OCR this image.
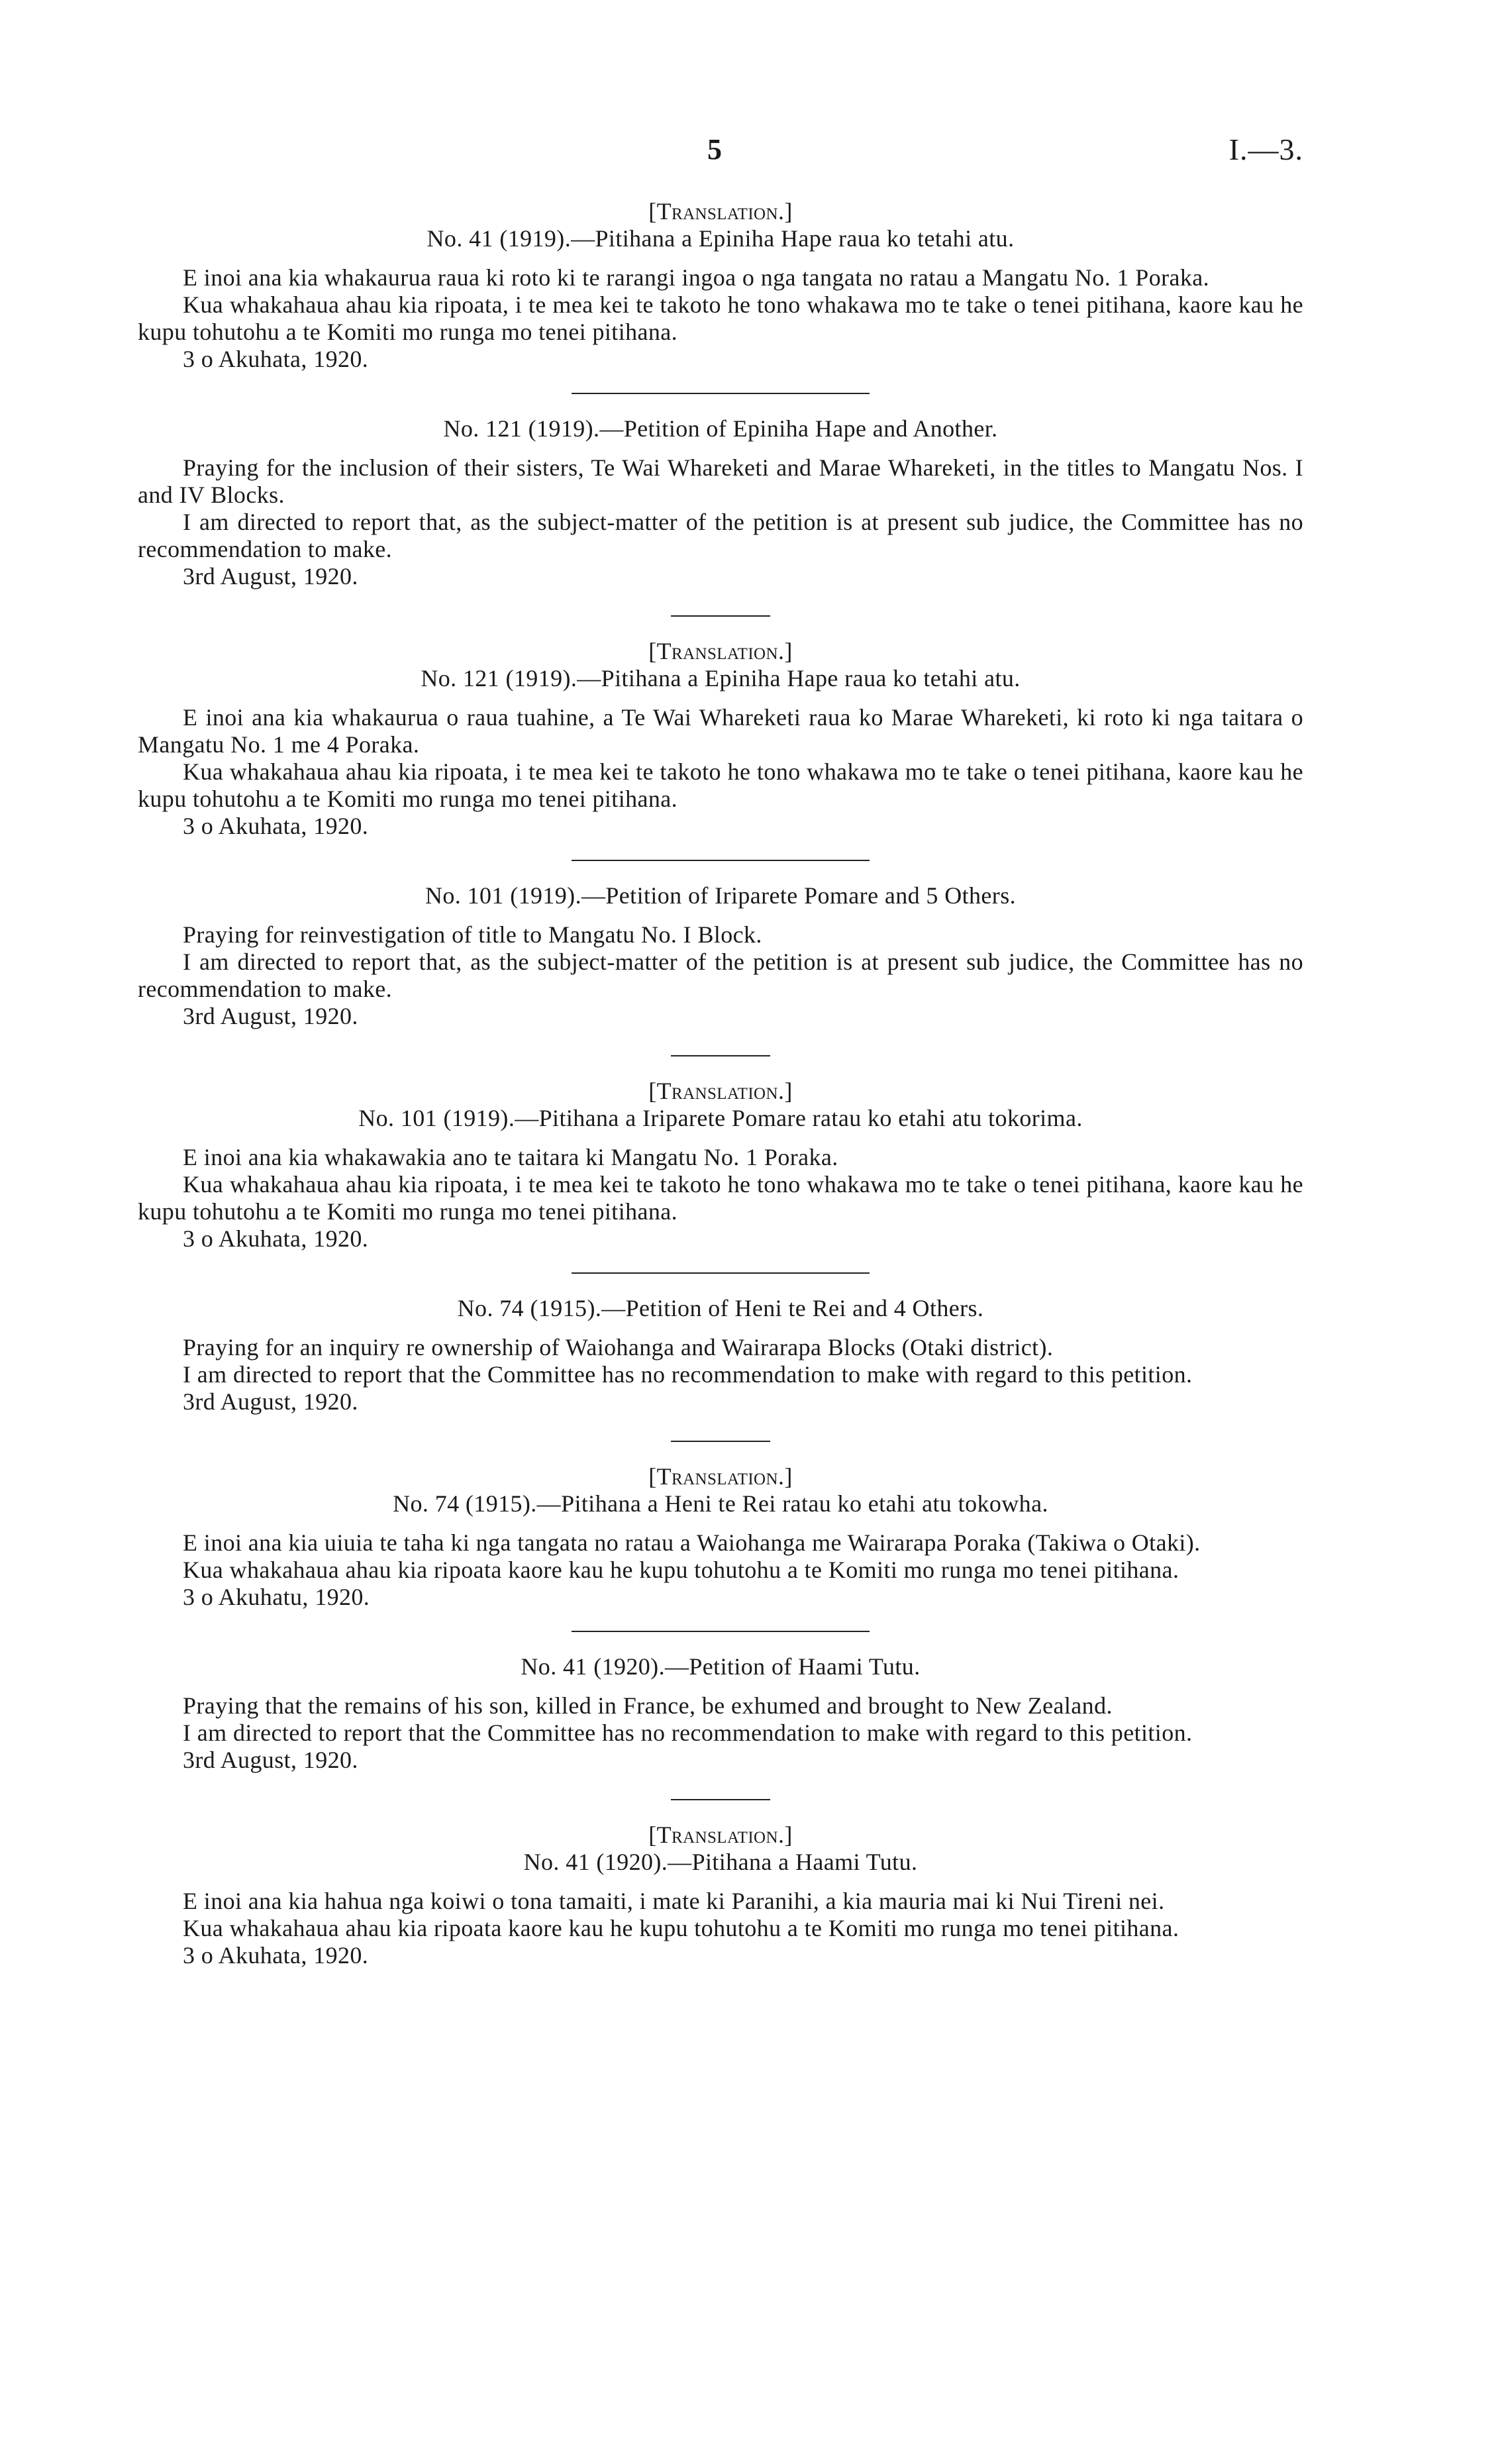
5	I.—3.
[Translation.]
No. 41 (1919).—Pitihana a Epiniha Hape raua ko tetahi atu.

E inoi ana kia whakaurua raua ki roto ki te rarangi ingoa o nga tangata no ratau a Mangatu No. 1 Poraka.

Kua whakahaua ahau kia ripoata, i te mea kei te takoto he tono whakawa mo te take o tenei pitihana, kaore kau he kupu tohutohu a te Komiti mo runga mo tenei pitihana.

3 o Akuhata, 1920.

No. 121 (1919).—Petition of Epiniha Hape and Another.

Praying for the inclusion of their sisters, Te Wai Whareketi and Marae Whareketi, in the titles to Mangatu Nos. I and IV Blocks.

I am directed to report that, as the subject-matter of the petition is at present sub judice, the Committee has no recommendation to make.

3rd August, 1920.

[Translation.]
No. 121 (1919).—Pitihana a Epiniha Hape raua ko tetahi atu.

E inoi ana kia whakaurua o raua tuahine, a Te Wai Whareketi raua ko Marae Whareketi, ki roto ki nga taitara o Mangatu No. 1 me 4 Poraka.

Kua whakahaua ahau kia ripoata, i te mea kei te takoto he tono whakawa mo te take o tenei pitihana, kaore kau he kupu tohutohu a te Komiti mo runga mo tenei pitihana.

3 o Akuhata, 1920.

No. 101 (1919).—Petition of Iriparete Pomare and 5 Others.

Praying for reinvestigation of title to Mangatu No. I Block.

I am directed to report that, as the subject-matter of the petition is at present sub judice, the Committee has no recommendation to make.

3rd August, 1920.

[Translation.]
No. 101 (1919).—Pitihana a Iriparete Pomare ratau ko etahi atu tokorima.

E inoi ana kia whakawakia ano te taitara ki Mangatu No. 1 Poraka.

Kua whakahaua ahau kia ripoata, i te mea kei te takoto he tono whakawa mo te take o tenei pitihana, kaore kau he kupu tohutohu a te Komiti mo runga mo tenei pitihana.

3 o Akuhata, 1920.

No. 74 (1915).—Petition of Heni te Rei and 4 Others.

Praying for an inquiry re ownership of Waiohanga and Wairarapa Blocks (Otaki district).

I am directed to report that the Committee has no recommendation to make with regard to this petition.

3rd August, 1920.

[Translation.]
No. 74 (1915).—Pitihana a Heni te Rei ratau ko etahi atu tokowha.

E inoi ana kia uiuia te taha ki nga tangata no ratau a Waiohanga me Wairarapa Poraka (Takiwa o Otaki).

Kua whakahaua ahau kia ripoata kaore kau he kupu tohutohu a te Komiti mo runga mo tenei pitihana.

3 o Akuhatu, 1920.

No. 41 (1920).—Petition of Haami Tutu.

Praying that the remains of his son, killed in France, be exhumed and brought to New Zealand.

I am directed to report that the Committee has no recommendation to make with regard to this petition.

3rd August, 1920.

[Translation.]
No. 41 (1920).—Pitihana a Haami Tutu.

E inoi ana kia hahua nga koiwi o tona tamaiti, i mate ki Paranihi, a kia mauria mai ki Nui Tireni nei.

Kua whakahaua ahau kia ripoata kaore kau he kupu tohutohu a te Komiti mo runga mo tenei pitihana.

3 o Akuhata, 1920.
